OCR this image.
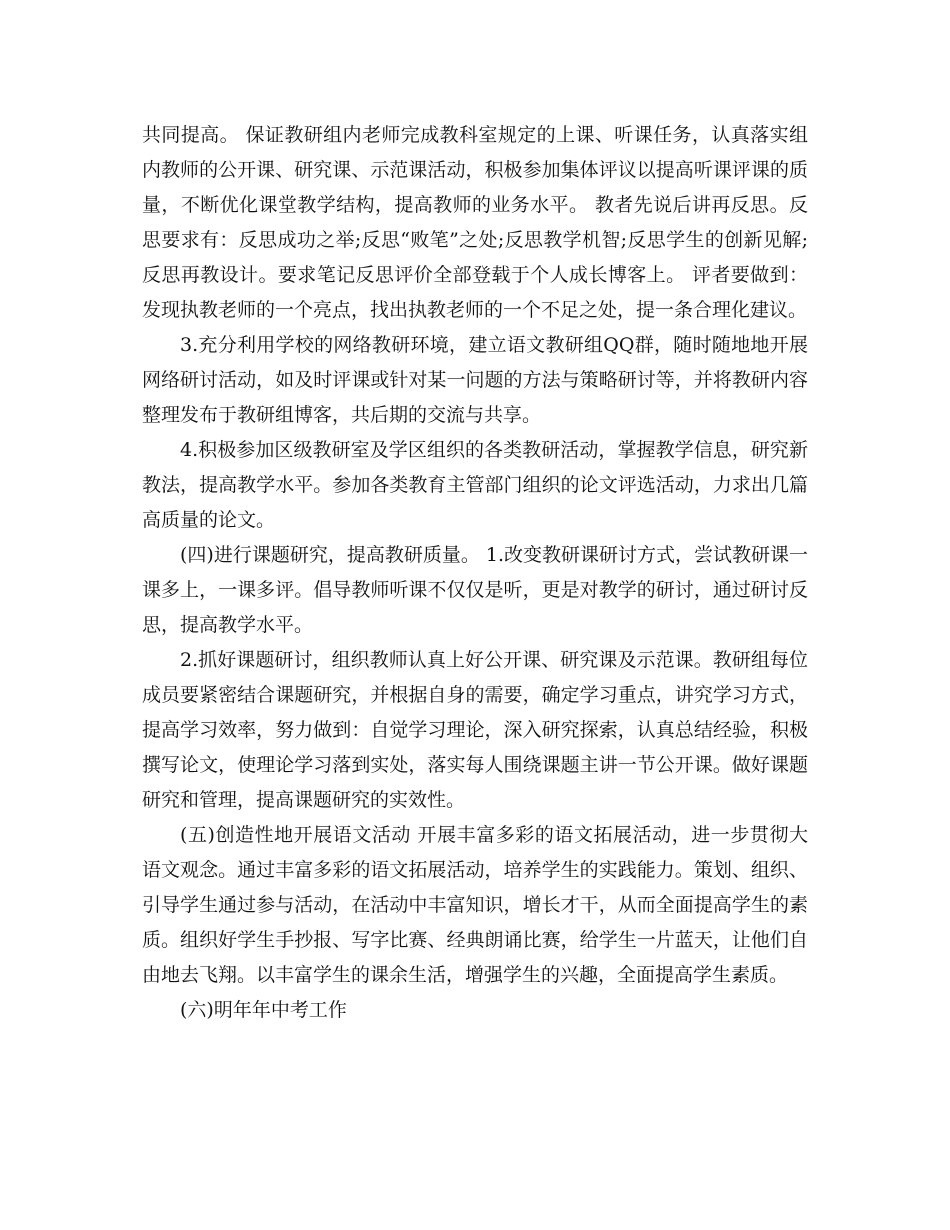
共同提高。 保证教研组内老师完成教科室规定的上课、听课任务，认真落实组内教师的公开课、研究课、示范课活动，积极参加集体评议以提高听课评课的质量，不断优化课堂教学结构，提高教师的业务水平。 教者先说后讲再反思。反思要求有：反思成功之举;反思“败笔”之处;反思教学机智;反思学生的创新见解;反思再教设计。要求笔记反思评价全部登载于个人成长博客上。 评者要做到：发现执教老师的一个亮点，找出执教老师的一个不足之处，提一条合理化建议。

3.充分利用学校的网络教研环境，建立语文教研组QQ群，随时随地地开展网络研讨活动，如及时评课或针对某一问题的方法与策略研讨等，并将教研内容整理发布于教研组博客，共后期的交流与共享。

4.积极参加区级教研室及学区组织的各类教研活动，掌握教学信息，研究新教法，提高教学水平。参加各类教育主管部门组织的论文评选活动，力求出几篇高质量的论文。

(四)进行课题研究，提高教研质量。 1.改变教研课研讨方式，尝试教研课一课多上，一课多评。倡导教师听课不仅仅是听，更是对教学的研讨，通过研讨反思，提高教学水平。

2.抓好课题研讨，组织教师认真上好公开课、研究课及示范课。教研组每位成员要紧密结合课题研究，并根据自身的需要，确定学习重点，讲究学习方式，提高学习效率，努力做到：自觉学习理论，深入研究探索，认真总结经验，积极撰写论文，使理论学习落到实处，落实每人围绕课题主讲一节公开课。做好课题研究和管理，提高课题研究的实效性。

(五)创造性地开展语文活动 开展丰富多彩的语文拓展活动，进一步贯彻大语文观念。通过丰富多彩的语文拓展活动，培养学生的实践能力。策划、组织、引导学生通过参与活动，在活动中丰富知识，增长才干，从而全面提高学生的素质。组织好学生手抄报、写字比赛、经典朗诵比赛，给学生一片蓝天，让他们自由地去飞翔。以丰富学生的课余生活，增强学生的兴趣，全面提高学生素质。

(六)明年年中考工作
